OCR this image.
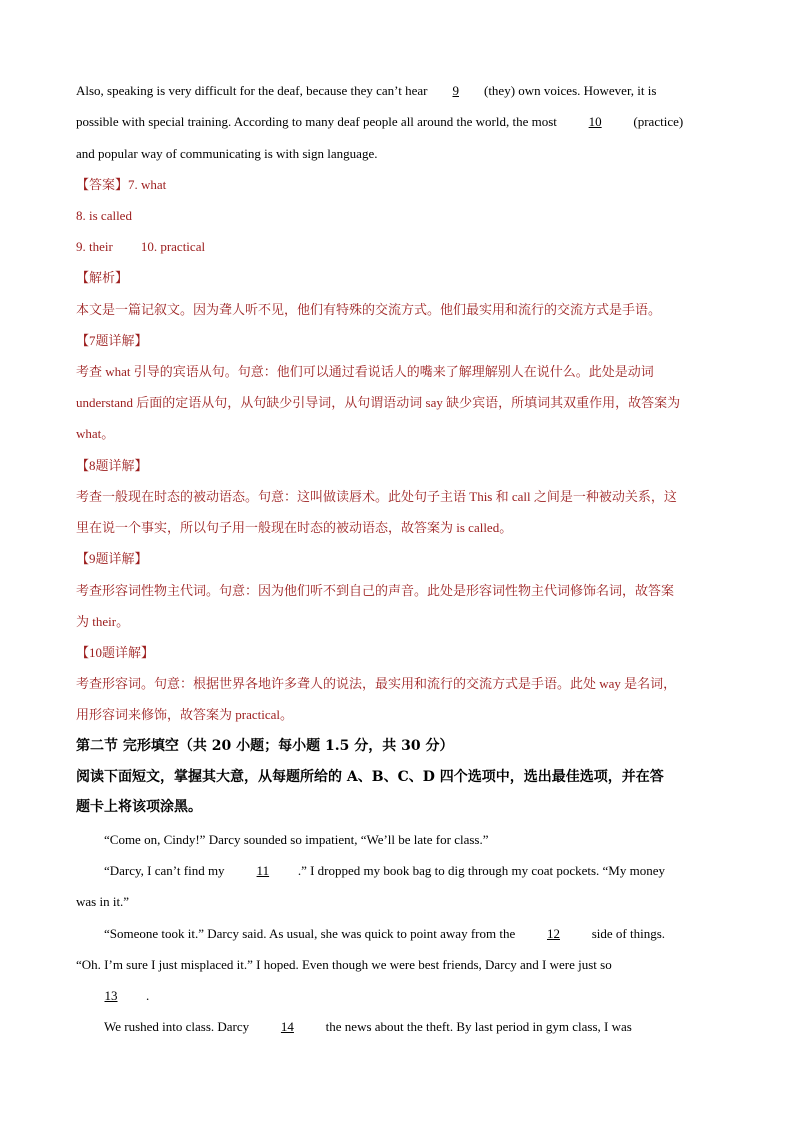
Also, speaking is very difficult for the deaf, because they can’t hear 9 (they) own voices. However, it is
possible with special training. According to many deaf people all around the world, the most 10 (practice)
and popular way of communicating is with sign language.
【答案】7. what
8. is called
9. their 10. practical
【解析】
本文是一篇记叙文。因为聋人听不见，他们有特殊的交流方式。他们最实用和流行的交流方式是手语。
【7题详解】
考查 what 引导的宾语从句。句意：他们可以通过看说话人的嘴来了解理解别人在说什么。此处是动词
understand 后面的定语从句，从句缺少引导词，从句谓语动词 say 缺少宾语，所填词其双重作用，故答案为
what。
【8题详解】
考查一般现在时态的被动语态。句意：这叫做读唇术。此处句子主语 This 和 call 之间是一种被动关系，这
里在说一个事实，所以句子用一般现在时态的被动语态，故答案为 is called。
【9题详解】
考查形容词性物主代词。句意：因为他们听不到自己的声音。此处是形容词性物主代词修饰名词，故答案
为 their。
【10题详解】
考查形容词。句意：根据世界各地许多聋人的说法，最实用和流行的交流方式是手语。此处 way 是名词，
用形容词来修饰，故答案为 practical。
第二节 完形填空（共 20 小题；每小题 1.5 分，共 30 分）
阅读下面短文，掌握其大意，从每题所给的 A、B、C、D 四个选项中，选出最佳选项，并在答
题卡上将该项涂黑。
“Come on, Cindy!” Darcy sounded so impatient, “We’ll be late for class.”
“Darcy, I can’t find my 11 .” I dropped my book bag to dig through my coat pockets. “My money
was in it.”
“Someone took it.” Darcy said. As usual, she was quick to point away from the 12 side of things.
“Oh. I’m sure I just misplaced it.” I hoped. Even though we were best friends, Darcy and I were just so
13 .
We rushed into class. Darcy 14 the news about the theft. By last period in gym class, I was
